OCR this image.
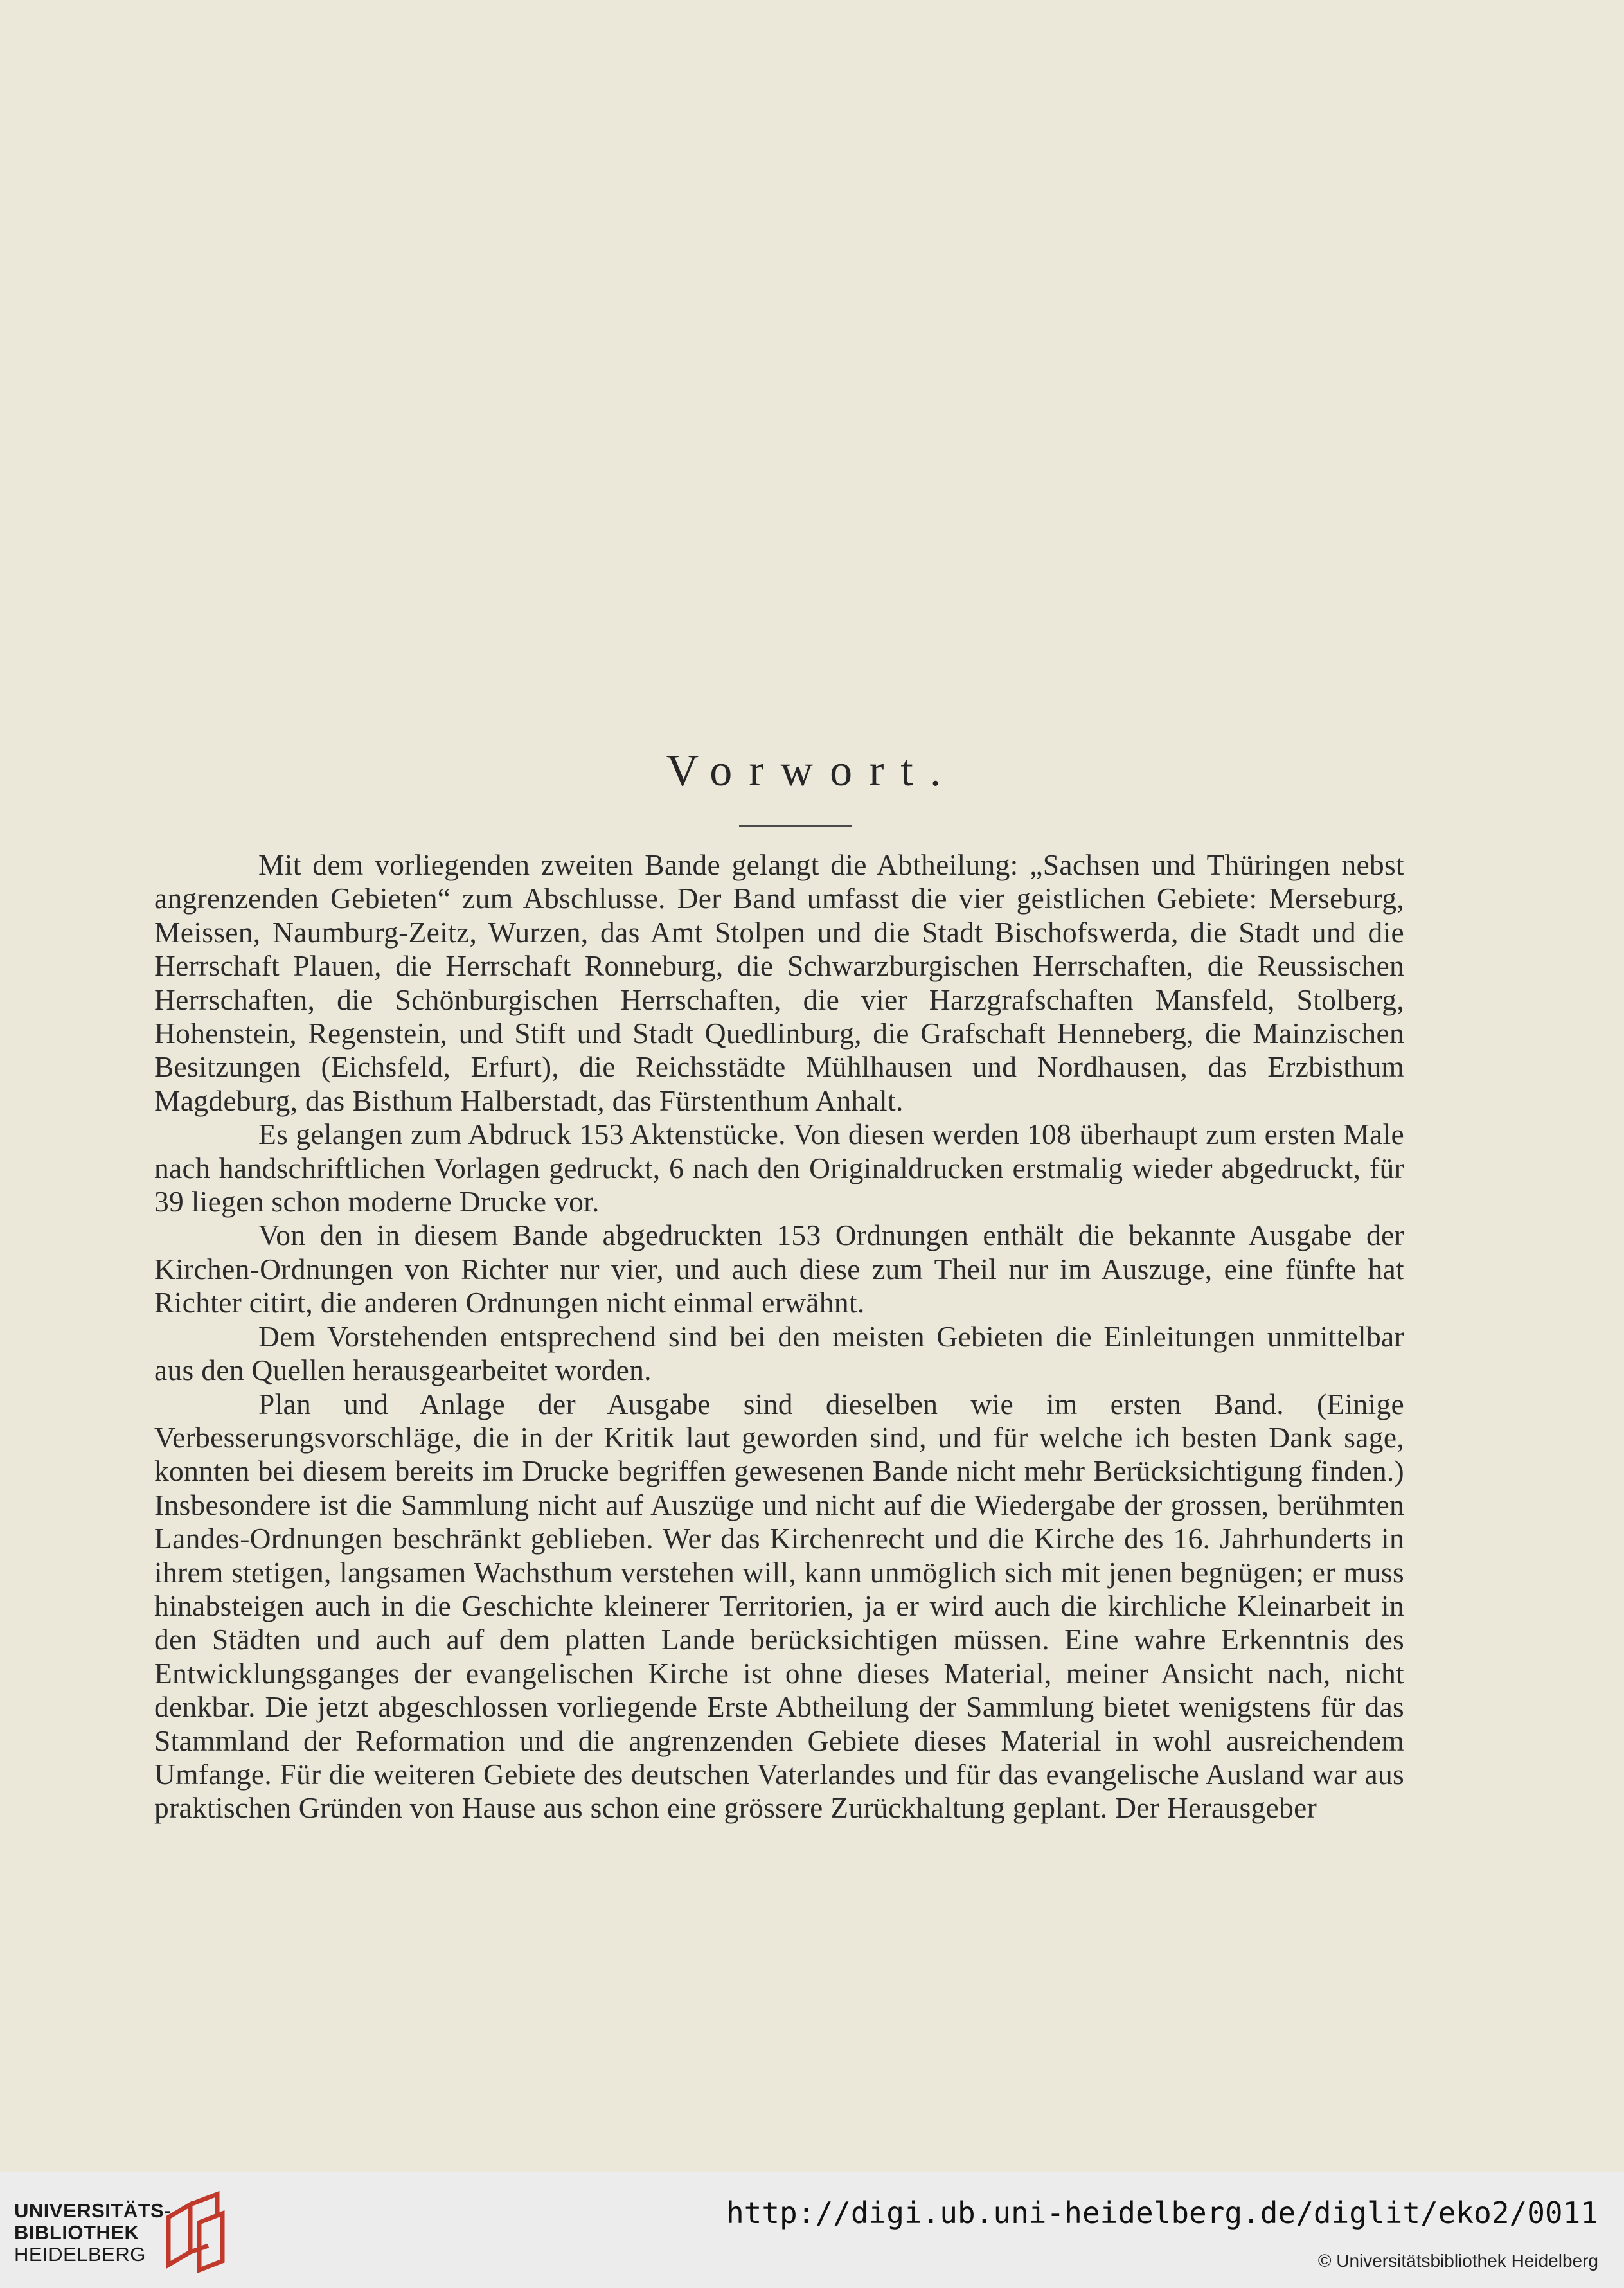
Vorwort.

Mit dem vorliegenden zweiten Bande gelangt die Abtheilung: „Sachsen und Thüringen nebst angrenzenden Gebieten“ zum Abschlusse. Der Band umfasst die vier geistlichen Gebiete: Merseburg, Meissen, Naumburg-Zeitz, Wurzen, das Amt Stolpen und die Stadt Bischofswerda, die Stadt und die Herrschaft Plauen, die Herrschaft Ronneburg, die Schwarzburgischen Herrschaften, die Reussischen Herrschaften, die Schönburgischen Herrschaften, die vier Harzgrafschaften Mansfeld, Stolberg, Hohenstein, Regenstein, und Stift und Stadt Quedlinburg, die Grafschaft Henneberg, die Mainzischen Besitzungen (Eichsfeld, Erfurt), die Reichsstädte Mühlhausen und Nordhausen, das Erzbisthum Magdeburg, das Bisthum Halberstadt, das Fürstenthum Anhalt.

Es gelangen zum Abdruck 153 Aktenstücke. Von diesen werden 108 überhaupt zum ersten Male nach handschriftlichen Vorlagen gedruckt, 6 nach den Originaldrucken erstmalig wieder abgedruckt, für 39 liegen schon moderne Drucke vor.

Von den in diesem Bande abgedruckten 153 Ordnungen enthält die bekannte Ausgabe der Kirchen-Ordnungen von Richter nur vier, und auch diese zum Theil nur im Auszuge, eine fünfte hat Richter citirt, die anderen Ordnungen nicht einmal erwähnt.

Dem Vorstehenden entsprechend sind bei den meisten Gebieten die Einleitungen unmittelbar aus den Quellen herausgearbeitet worden.

Plan und Anlage der Ausgabe sind dieselben wie im ersten Band. (Einige Verbesserungsvorschläge, die in der Kritik laut geworden sind, und für welche ich besten Dank sage, konnten bei diesem bereits im Drucke begriffen gewesenen Bande nicht mehr Berücksichtigung finden.) Insbesondere ist die Sammlung nicht auf Auszüge und nicht auf die Wiedergabe der grossen, berühmten Landes-Ordnungen beschränkt geblieben. Wer das Kirchenrecht und die Kirche des 16. Jahrhunderts in ihrem stetigen, langsamen Wachsthum verstehen will, kann unmöglich sich mit jenen begnügen; er muss hinabsteigen auch in die Geschichte kleinerer Territorien, ja er wird auch die kirchliche Kleinarbeit in den Städten und auch auf dem platten Lande berücksichtigen müssen. Eine wahre Erkenntnis des Entwicklungsganges der evangelischen Kirche ist ohne dieses Material, meiner Ansicht nach, nicht denkbar. Die jetzt abgeschlossen vorliegende Erste Abtheilung der Sammlung bietet wenigstens für das Stammland der Reformation und die angrenzenden Gebiete dieses Material in wohl ausreichendem Umfange. Für die weiteren Gebiete des deutschen Vaterlandes und für das evangelische Ausland war aus praktischen Gründen von Hause aus schon eine grössere Zurückhaltung geplant. Der Herausgeber

UNIVERSITÄTS-
BIBLIOTHEK
HEIDELBERG
http://digi.ub.uni-heidelberg.de/diglit/eko2/0011
© Universitätsbibliothek Heidelberg
